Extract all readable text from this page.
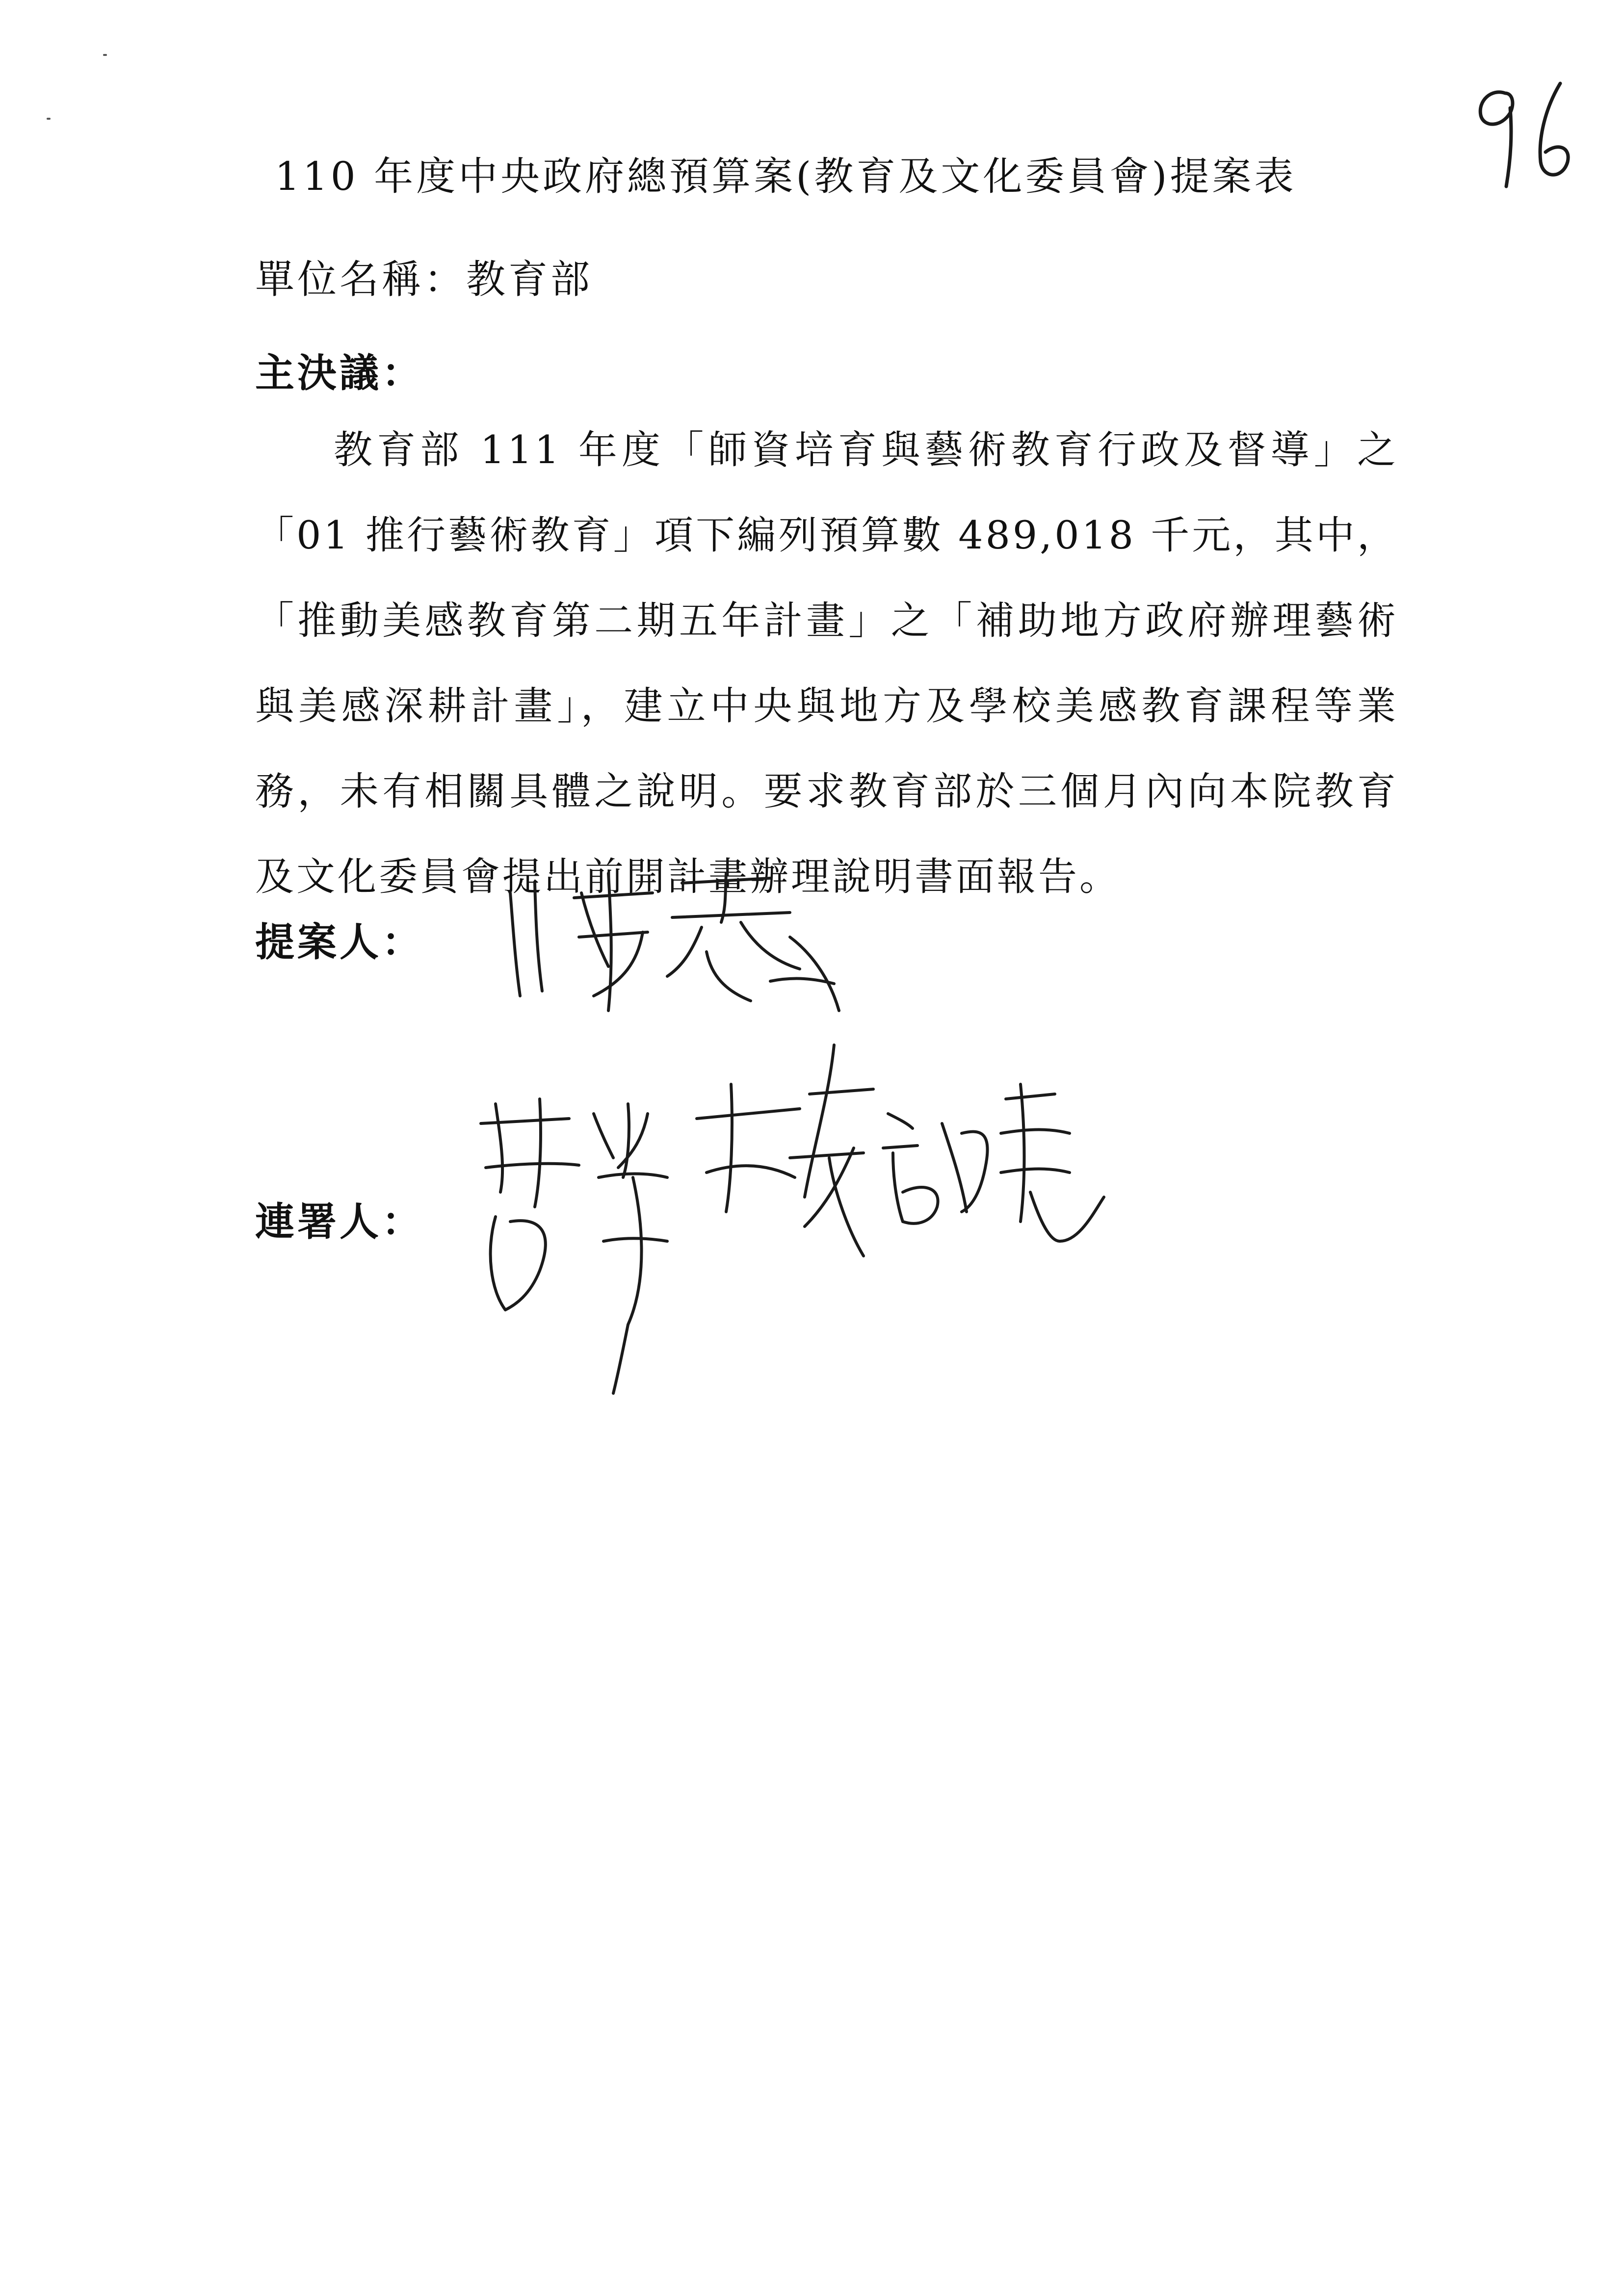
110 年度中央政府總預算案(教育及文化委員會)提案表
單位名稱：教育部
主決議：
教育部 111 年度「師資培育與藝術教育行政及督導」之「01 推行藝術教育」項下編列預算數 489,018 千元，其中，「推動美感教育第二期五年計畫」之「補助地方政府辦理藝術與美感深耕計畫」，建立中央與地方及學校美感教育課程等業務，未有相關具體之說明。要求教育部於三個月內向本院教育及文化委員會提出前開計畫辦理說明書面報告。
提案人：
連署人：
